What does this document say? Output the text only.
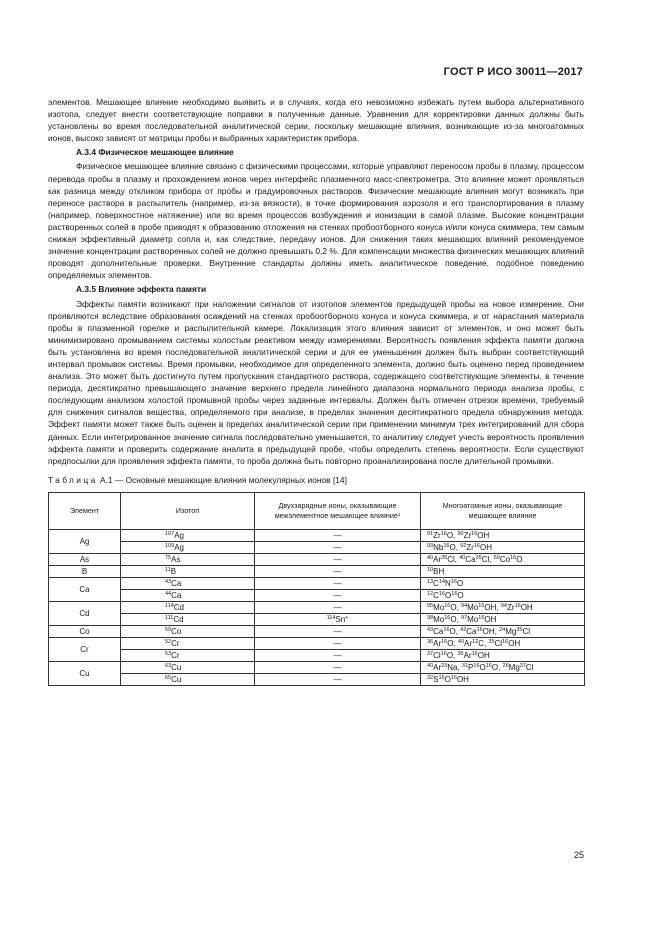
ГОСТ Р ИСО 30011—2017

элементов. Мешающее влияние необходимо выявить и в случаях, когда его невозможно избежать путем выбора альтернативного изотопа, следует внести соответствующие поправки в полученные данные. Уравнения для корректировки данных должны быть установлены во время последовательной аналитической серии, поскольку мешающие влияния, возникающие из-за многоатомных ионов, высоко зависят от матрицы пробы и выбранных характеристик прибора.

А.3.4 Физическое мешающее влияние

Физическое мешающее влияние связано с физическими процессами, которые управляют переносом пробы в плазму, процессом перевода пробы в плазму и прохождением ионов через интерфейс плазменного масс-спектрометра. Это влияние может проявляться как разница между откликом прибора от пробы и градуировочных растворов. Физические мешающие влияния могут возникать при переносе раствора в распылитель (например, из-за вязкости), в точке формирования аэрозоля и его транспортирования в плазму (например, поверхностное натяжение) или во время процессов возбуждения и ионизации в самой плазме. Высокие концентрации растворенных солей в пробе приводят к образованию отложения на стенках пробоотборного конуса и/или конуса скиммера, тем самым снижая эффективный диаметр сопла и, как следствие, передачу ионов. Для снижения таких мешающих влияний рекомендуемое значение концентрации растворенных солей не должно превышать 0,2 %. Для компенсации множества физических мешающих влияний проводят дополнительные проверки. Внутренние стандарты должны иметь аналитическое поведение, подобное поведению определяемых элементов.

А.3.5 Влияние эффекта памяти

Эффекты памяти возникают при наложении сигналов от изотопов элементов предыдущей пробы на новое измерение. Они проявляются вследствие образования осаждений на стенках пробоотборного конуса и конуса скиммера, и от нарастания материала пробы в плазменной горелке и распылительной камере. Локализация этого влияния зависит от элементов, и оно может быть минимизировано промыванием системы холостым реактивом между измерениями. Вероятность появления эффекта памяти должна быть установлена во время последовательной аналитической серии и для ее уменьшения должен быть выбран соответствующий интервал промывок системы. Время промывки, необходимое для определенного элемента, должно быть оценено перед проведением анализа. Это может быть достигнуто путем пропускания стандартного раствора, содержащего соответствующие элементы, в течение периода, десятикратно превышающего значение верхнего предела линейного диапазона нормального периода анализа пробы, с последующим анализом холостой промывной пробы через заданные интервалы. Должен быть отмечен отрезок времени, требуемый для снижения сигналов вещества, определяемого при анализе, в пределах значения десятикратного предела обнаружения метода. Эффект памяти может также быть оценен в пределах аналитической серии при применении минимум трех интегрирований для сбора данных. Если интегрированное значение сигнала последовательно уменьшается, то аналитику следует учесть вероятность проявления эффекта памяти и проверить содержание аналита в предыдущей пробе, чтобы определить степень вероятности. Если существуют предпосылки для проявления эффекта памяти, то проба должна быть повторно проанализирована после длительной промывки.

Таблица А.1 — Основные мешающие влияния молекулярных ионов [14]
Элемент	Изотоп	Двухзарядные ионы, оказывающие межэлементное мешающее влияние¹	Многоатомные ионы, оказывающие мешающее влияние
Ag	$^{107}$Ag	—	$^{91}$Zr$^{16}$O, $^{90}$Zr$^{16}$OH
	$^{109}$Ag	—	$^{93}$Nb$^{16}$O, $^{92}$Zr$^{16}$OH
As	$^{75}$As	—	$^{40}$Ar$^{35}$Cl, $^{40}$Ca$^{35}$Cl, $^{59}$Co$^{16}$O
B	$^{11}$B	—	$^{10}$BH
Ca	$^{43}$Ca	—	$^{13}C^{14}N^{16}O$
	$^{44}$Ca	—	$^{12}C^{16}O^{16}O$
Cd	$^{114}$Cd	—	$^{95}$Mo$^{16}$O, $^{94}$Mo$^{16}$OH, $^{94}$Zr$^{16}$OH
	$^{111}$Cd	$^{114}$Sn+	$^{98}$Mo$^{16}$O, $^{97}$Mo$^{16}$OH
Co	$^{59}$Co	—	$^{43}$Ca$^{16}$O, $^{42}$Ca$^{16}$OH, $^{24}$Mg$^{35}$Cl
Cr	$^{52}$Cr	—	$^{36}$Ar$^{16}$O, $^{40}$Ar$^{12}$C, $^{35}$Cl$^{16}$OH
	$^{53}$Cr	—	$^{37}$Cl$^{16}$O, $^{36}$Ar$^{16}$OH
Cu	$^{63}$Cu	—	$^{40}$Ar$^{23}$Na, $^{31}P^{16}O^{16}O$, $^{26}$Mg$^{37}$Cl
	$^{65}$Cu	—	$^{32}S^{16}O^{16}OH$
25
